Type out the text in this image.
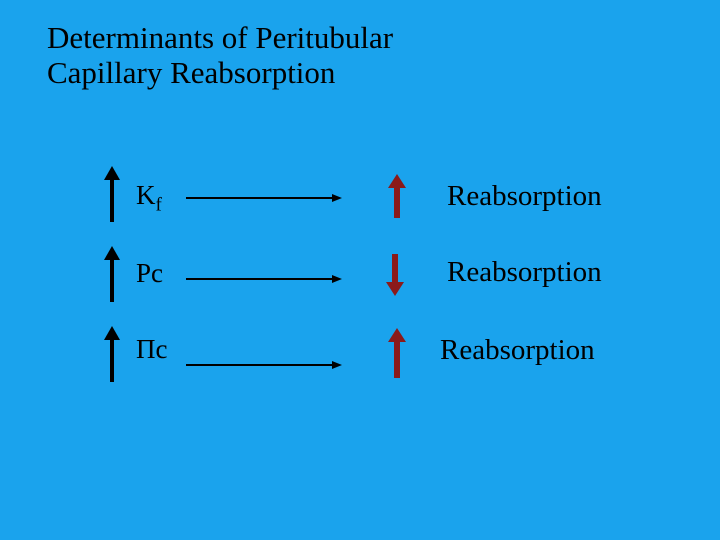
Determinants of Peritubular
Capillary Reabsorption
$K_f$	Reabsorption
Pc	Reabsorption
Πc	Reabsorption
